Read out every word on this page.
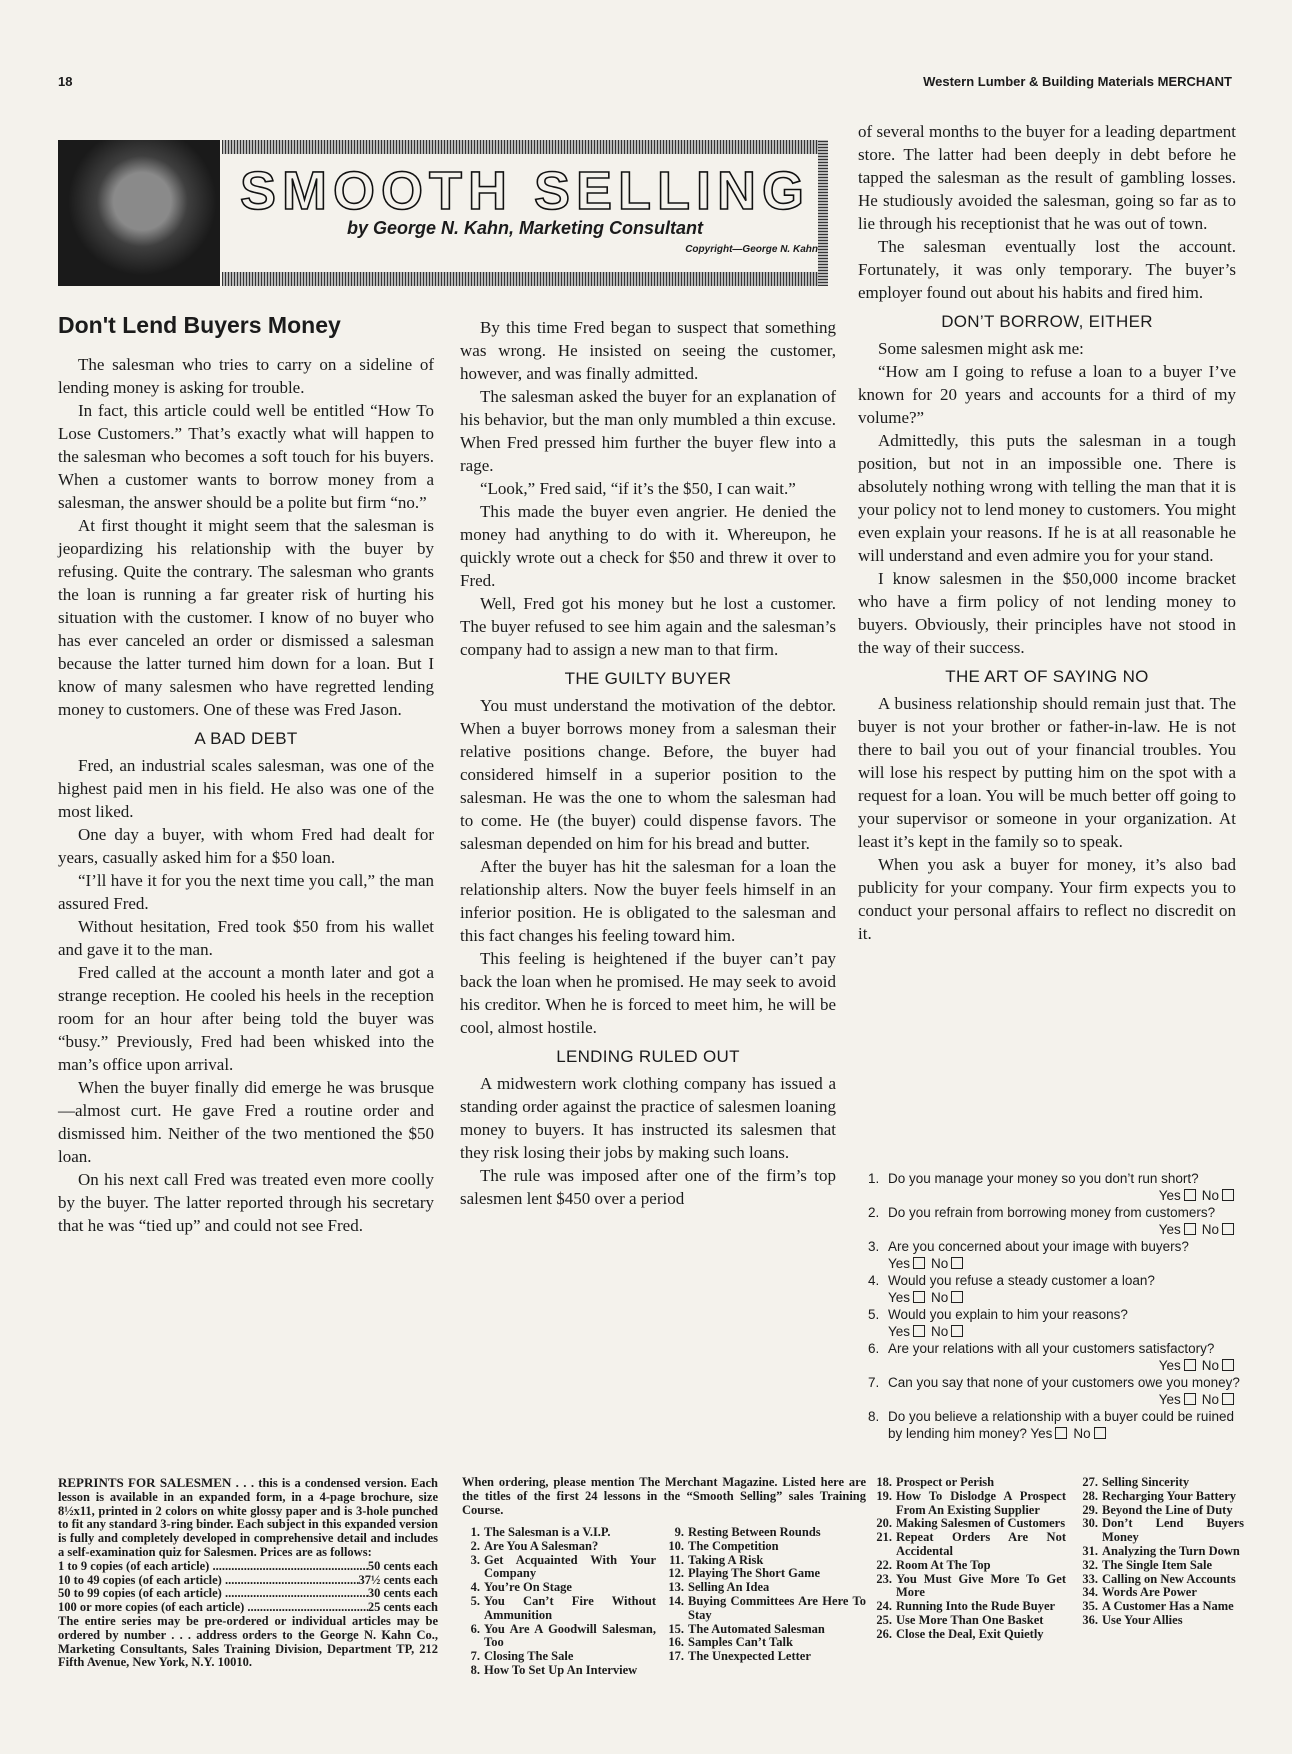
18	Western Lumber & Building Materials MERCHANT
SMOOTH SELLING
by George N. Kahn, Marketing Consultant
Copyright—George N. Kahn
Don't Lend Buyers Money

The salesman who tries to carry on a sideline of lending money is asking for trouble.

In fact, this article could well be entitled “How To Lose Customers.” That’s exactly what will happen to the salesman who becomes a soft touch for his buyers. When a customer wants to borrow money from a salesman, the answer should be a polite but firm “no.”

At first thought it might seem that the salesman is jeopardizing his relationship with the buyer by refusing. Quite the contrary. The salesman who grants the loan is running a far greater risk of hurting his situation with the customer. I know of no buyer who has ever canceled an order or dismissed a salesman because the latter turned him down for a loan. But I know of many salesmen who have regretted lending money to customers. One of these was Fred Jason.

A BAD DEBT

Fred, an industrial scales salesman, was one of the highest paid men in his field. He also was one of the most liked.

One day a buyer, with whom Fred had dealt for years, casually asked him for a $50 loan.

“I’ll have it for you the next time you call,” the man assured Fred.

Without hesitation, Fred took $50 from his wallet and gave it to the man.

Fred called at the account a month later and got a strange reception. He cooled his heels in the reception room for an hour after being told the buyer was “busy.” Previously, Fred had been whisked into the man’s office upon arrival.

When the buyer finally did emerge he was brusque—almost curt. He gave Fred a routine order and dismissed him. Neither of the two mentioned the $50 loan.

On his next call Fred was treated even more coolly by the buyer. The latter reported through his secretary that he was “tied up” and could not see Fred.

By this time Fred began to suspect that something was wrong. He insisted on seeing the customer, however, and was finally admitted.

The salesman asked the buyer for an explanation of his behavior, but the man only mumbled a thin excuse. When Fred pressed him further the buyer flew into a rage.

“Look,” Fred said, “if it’s the $50, I can wait.”

This made the buyer even angrier. He denied the money had anything to do with it. Whereupon, he quickly wrote out a check for $50 and threw it over to Fred.

Well, Fred got his money but he lost a customer. The buyer refused to see him again and the salesman’s company had to assign a new man to that firm.

THE GUILTY BUYER

You must understand the motivation of the debtor. When a buyer borrows money from a salesman their relative positions change. Before, the buyer had considered himself in a superior position to the salesman. He was the one to whom the salesman had to come. He (the buyer) could dispense favors. The salesman depended on him for his bread and butter.

After the buyer has hit the salesman for a loan the relationship alters. Now the buyer feels himself in an inferior position. He is obligated to the salesman and this fact changes his feeling toward him.

This feeling is heightened if the buyer can’t pay back the loan when he promised. He may seek to avoid his creditor. When he is forced to meet him, he will be cool, almost hostile.

LENDING RULED OUT

A midwestern work clothing company has issued a standing order against the practice of salesmen loaning money to buyers. It has instructed its salesmen that they risk losing their jobs by making such loans.

The rule was imposed after one of the firm’s top salesmen lent $450 over a period

of several months to the buyer for a leading department store. The latter had been deeply in debt before he tapped the salesman as the result of gambling losses. He studiously avoided the salesman, going so far as to lie through his receptionist that he was out of town.

The salesman eventually lost the account. Fortunately, it was only temporary. The buyer’s employer found out about his habits and fired him.

DON’T BORROW, EITHER

Some salesmen might ask me:

“How am I going to refuse a loan to a buyer I’ve known for 20 years and accounts for a third of my volume?”

Admittedly, this puts the salesman in a tough position, but not in an impossible one. There is absolutely nothing wrong with telling the man that it is your policy not to lend money to customers. You might even explain your reasons. If he is at all reasonable he will understand and even admire you for your stand.

I know salesmen in the $50,000 income bracket who have a firm policy of not lending money to buyers. Obviously, their principles have not stood in the way of their success.

THE ART OF SAYING NO

A business relationship should remain just that. The buyer is not your brother or father-in-law. He is not there to bail you out of your financial troubles. You will lose his respect by putting him on the spot with a request for a loan. You will be much better off going to your supervisor or someone in your organization. At least it’s kept in the family so to speak.

When you ask a buyer for money, it’s also bad publicity for your company. Your firm expects you to conduct your personal affairs to reflect no discredit on it.

1. Do you manage your money so you don’t run short?
Yes No
2. Do you refrain from borrowing money from customers?
Yes No
3. Are you concerned about your image with buyers?
Yes No
4. Would you refuse a steady customer a loan?
Yes No
5. Would you explain to him your reasons?
Yes No
6. Are your relations with all your customers satisfactory?
Yes No
7. Can you say that none of your customers owe you money?
Yes No
8. Do you believe a relationship with a buyer could be ruined by lending him money? Yes No
REPRINTS FOR SALESMEN . . . this is a condensed version. Each lesson is available in an expanded form, in a 4-page brochure, size 8½x11, printed in 2 colors on white glossy paper and is 3-hole punched to fit any standard 3-ring binder. Each subject in this expanded version is fully and completely developed in comprehensive detail and includes a self-examination quiz for Salesmen. Prices are as follows:
1 to 9 copies (of each article) .....	50 cents each
10 to 49 copies (of each article) .....	37½ cents each
50 to 99 copies (of each article) .....	30 cents each
100 or more copies (of each article) .....	25 cents each
The entire series may be pre-ordered or individual articles may be ordered by number . . . address orders to the George N. Kahn Co., Marketing Consultants, Sales Training Division, Department TP, 212 Fifth Avenue, New York, N.Y. 10010.
When ordering, please mention The Merchant Magazine. Listed here are the titles of the first 24 lessons in the “Smooth Selling” sales Training Course.
1. The Salesman is a V.I.P.
2. Are You A Salesman?
3. Get Acquainted With Your Company
4. You’re On Stage
5. You Can’t Fire Without Ammunition
6. You Are A Goodwill Salesman, Too
7. Closing The Sale
8. How To Set Up An Interview
9. Resting Between Rounds
10. The Competition
11. Taking A Risk
12. Playing The Short Game
13. Selling An Idea
14. Buying Committees Are Here To Stay
15. The Automated Salesman
16. Samples Can’t Talk
17. The Unexpected Letter
18. Prospect or Perish
19. How To Dislodge A Prospect From An Existing Supplier
20. Making Salesmen of Customers
21. Repeat Orders Are Not Accidental
22. Room At The Top
23. You Must Give More To Get More
24. Running Into the Rude Buyer
25. Use More Than One Basket
26. Close the Deal, Exit Quietly
27. Selling Sincerity
28. Recharging Your Battery
29. Beyond the Line of Duty
30. Don’t Lend Buyers Money
31. Analyzing the Turn Down
32. The Single Item Sale
33. Calling on New Accounts
34. Words Are Power
35. A Customer Has a Name
36. Use Your Allies
